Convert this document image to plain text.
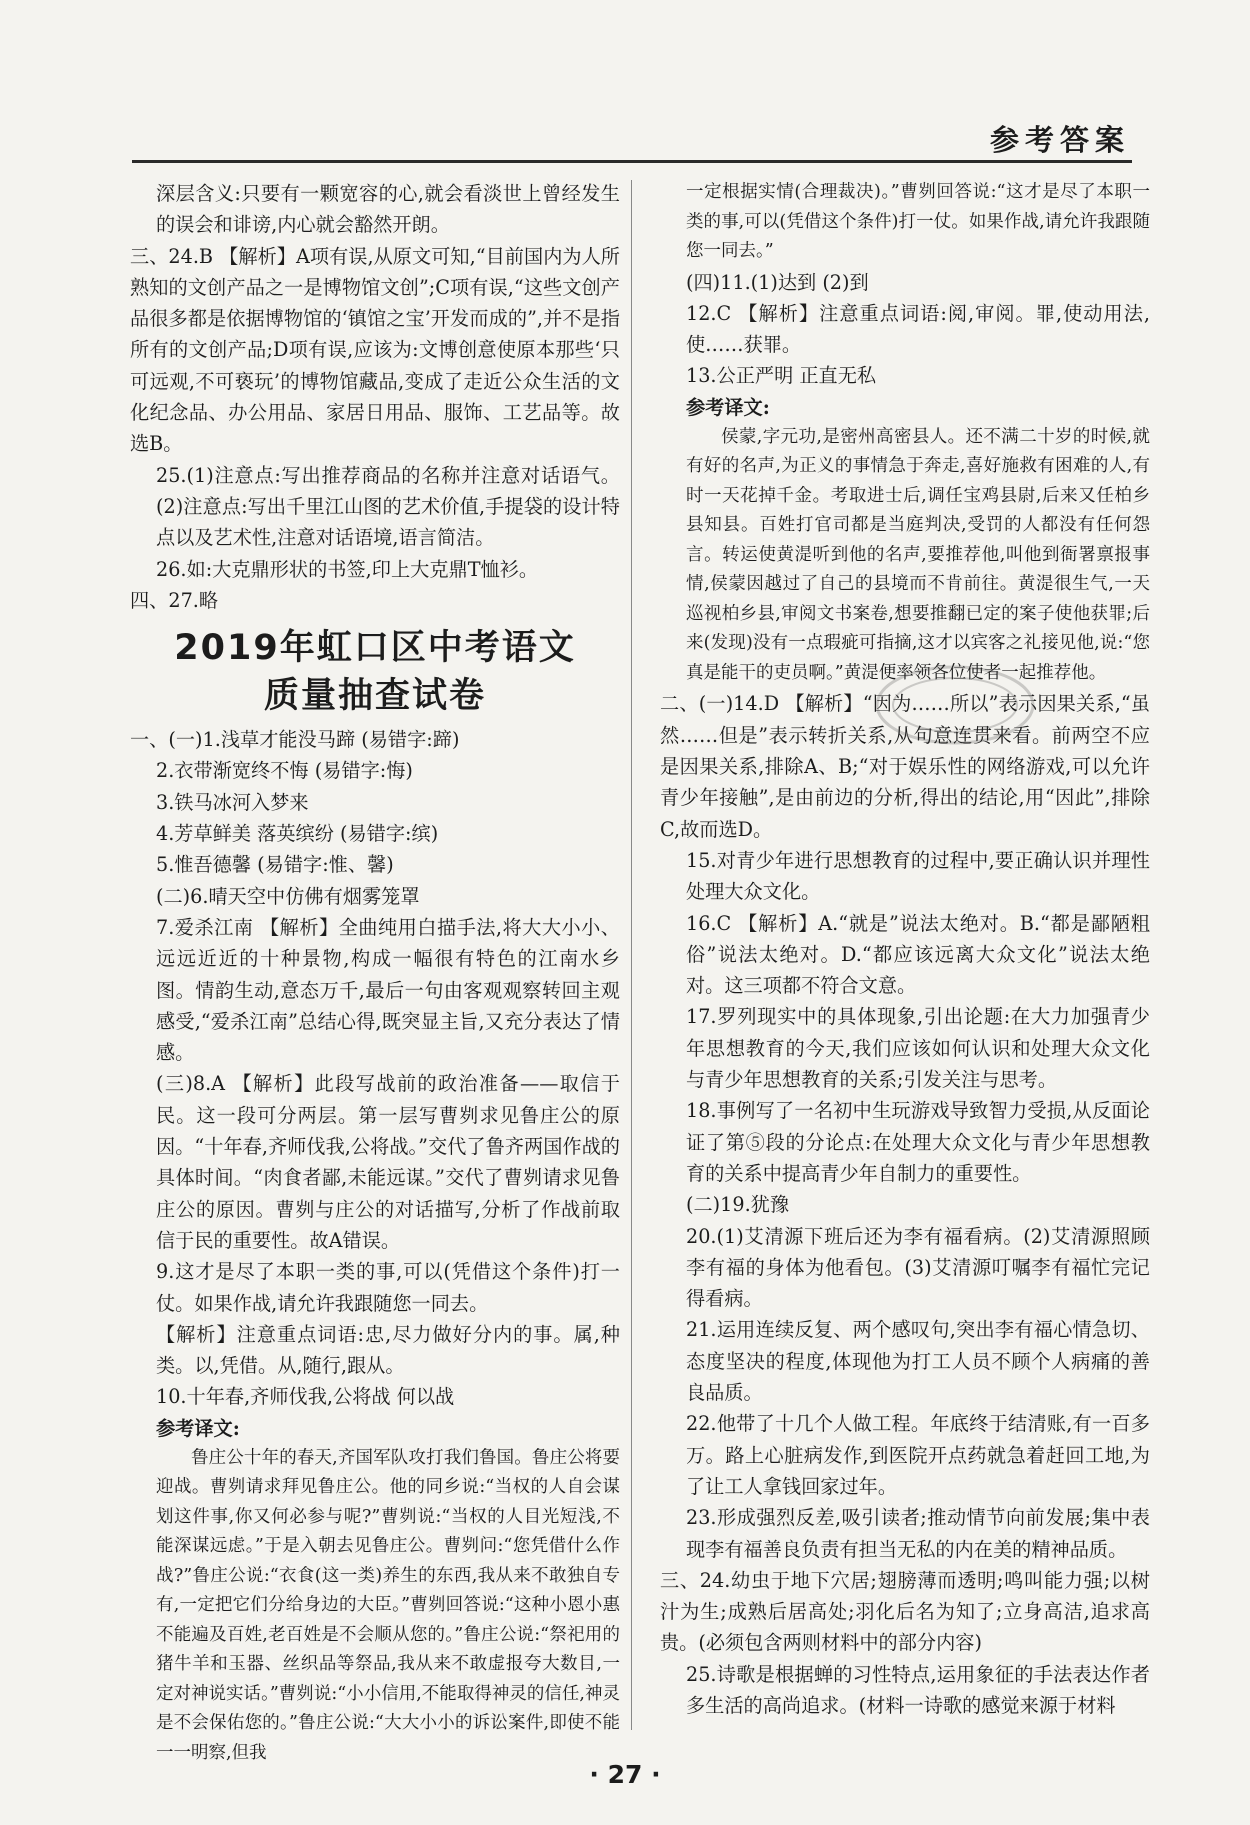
参考答案

深层含义:只要有一颗宽容的心,就会看淡世上曾经发生的误会和诽谤,内心就会豁然开朗。

三、24.B 【解析】A项有误,从原文可知,“目前国内为人所熟知的文创产品之一是博物馆文创”;C项有误,“这些文创产品很多都是依据博物馆的‘镇馆之宝’开发而成的”,并不是指所有的文创产品;D项有误,应该为:文博创意使原本那些‘只可远观,不可亵玩’的博物馆藏品,变成了走近公众生活的文化纪念品、办公用品、家居日用品、服饰、工艺品等。故选B。

25.(1)注意点:写出推荐商品的名称并注意对话语气。(2)注意点:写出千里江山图的艺术价值,手提袋的设计特点以及艺术性,注意对话语境,语言简洁。

26.如:大克鼎形状的书签,印上大克鼎T恤衫。

四、27.略

2019年虹口区中考语文
质量抽查试卷

一、(一)1.浅草才能没马蹄 (易错字:蹄)

2.衣带渐宽终不悔 (易错字:悔)

3.铁马冰河入梦来

4.芳草鲜美 落英缤纷 (易错字:缤)

5.惟吾德馨 (易错字:惟、馨)

(二)6.晴天空中仿佛有烟雾笼罩

7.爱杀江南 【解析】全曲纯用白描手法,将大大小小、远远近近的十种景物,构成一幅很有特色的江南水乡图。情韵生动,意态万千,最后一句由客观观察转回主观感受,“爱杀江南”总结心得,既突显主旨,又充分表达了情感。

(三)8.A 【解析】此段写战前的政治准备——取信于民。这一段可分两层。第一层写曹刿求见鲁庄公的原因。“十年春,齐师伐我,公将战。”交代了鲁齐两国作战的具体时间。“肉食者鄙,未能远谋。”交代了曹刿请求见鲁庄公的原因。曹刿与庄公的对话描写,分析了作战前取信于民的重要性。故A错误。

9.这才是尽了本职一类的事,可以(凭借这个条件)打一仗。如果作战,请允许我跟随您一同去。

【解析】注意重点词语:忠,尽力做好分内的事。属,种类。以,凭借。从,随行,跟从。

10.十年春,齐师伐我,公将战 何以战

参考译文:

鲁庄公十年的春天,齐国军队攻打我们鲁国。鲁庄公将要迎战。曹刿请求拜见鲁庄公。他的同乡说:“当权的人自会谋划这件事,你又何必参与呢?”曹刿说:“当权的人目光短浅,不能深谋远虑。”于是入朝去见鲁庄公。曹刿问:“您凭借什么作战?”鲁庄公说:“衣食(这一类)养生的东西,我从来不敢独自专有,一定把它们分给身边的大臣。”曹刿回答说:“这种小恩小惠不能遍及百姓,老百姓是不会顺从您的。”鲁庄公说:“祭祀用的猪牛羊和玉器、丝织品等祭品,我从来不敢虚报夸大数目,一定对神说实话。”曹刿说:“小小信用,不能取得神灵的信任,神灵是不会保佑您的。”鲁庄公说:“大大小小的诉讼案件,即使不能一一明察,但我

一定根据实情(合理裁决)。”曹刿回答说:“这才是尽了本职一类的事,可以(凭借这个条件)打一仗。如果作战,请允许我跟随您一同去。”

(四)11.(1)达到 (2)到

12.C 【解析】注意重点词语:阅,审阅。罪,使动用法,使……获罪。

13.公正严明 正直无私

参考译文:

侯蒙,字元功,是密州高密县人。还不满二十岁的时候,就有好的名声,为正义的事情急于奔走,喜好施救有困难的人,有时一天花掉千金。考取进士后,调任宝鸡县尉,后来又任柏乡县知县。百姓打官司都是当庭判决,受罚的人都没有任何怨言。转运使黄湜听到他的名声,要推荐他,叫他到衙署禀报事情,侯蒙因越过了自己的县境而不肯前往。黄湜很生气,一天巡视柏乡县,审阅文书案卷,想要推翻已定的案子使他获罪;后来(发现)没有一点瑕疵可指摘,这才以宾客之礼接见他,说:“您真是能干的吏员啊。”黄湜便率领各位使者一起推荐他。

二、(一)14.D 【解析】“因为……所以”表示因果关系,“虽然……但是”表示转折关系,从句意连贯来看。前两空不应是因果关系,排除A、B;“对于娱乐性的网络游戏,可以允许青少年接触”,是由前边的分析,得出的结论,用“因此”,排除C,故而选D。

15.对青少年进行思想教育的过程中,要正确认识并理性处理大众文化。

16.C 【解析】A.“就是”说法太绝对。B.“都是鄙陋粗俗”说法太绝对。D.“都应该远离大众文化”说法太绝对。这三项都不符合文意。

17.罗列现实中的具体现象,引出论题:在大力加强青少年思想教育的今天,我们应该如何认识和处理大众文化与青少年思想教育的关系;引发关注与思考。

18.事例写了一名初中生玩游戏导致智力受损,从反面论证了第⑤段的分论点:在处理大众文化与青少年思想教育的关系中提高青少年自制力的重要性。

(二)19.犹豫

20.(1)艾清源下班后还为李有福看病。(2)艾清源照顾李有福的身体为他看包。(3)艾清源叮嘱李有福忙完记得看病。

21.运用连续反复、两个感叹句,突出李有福心情急切、态度坚决的程度,体现他为打工人员不顾个人病痛的善良品质。

22.他带了十几个人做工程。年底终于结清账,有一百多万。路上心脏病发作,到医院开点药就急着赶回工地,为了让工人拿钱回家过年。

23.形成强烈反差,吸引读者;推动情节向前发展;集中表现李有福善良负责有担当无私的内在美的精神品质。

三、24.幼虫于地下穴居;翅膀薄而透明;鸣叫能力强;以树汁为生;成熟后居高处;羽化后名为知了;立身高洁,追求高贵。(必须包含两则材料中的部分内容)

25.诗歌是根据蝉的习性特点,运用象征的手法表达作者多生活的高尚追求。(材料一诗歌的感觉来源于材料

· 27 ·
